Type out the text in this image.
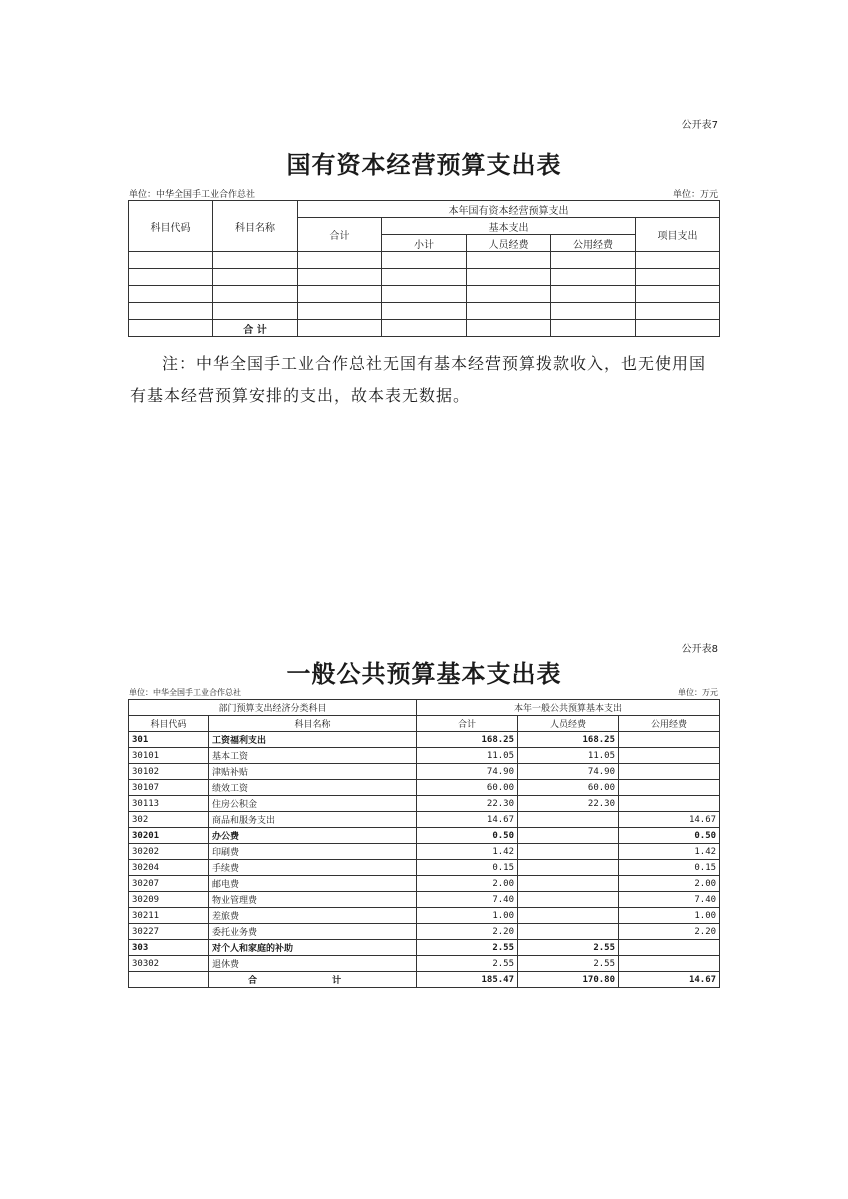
公开表7
国有资本经营预算支出表
单位：中华全国手工业合作总社	单位：万元
科目代码	科目名称	本年国有资本经营预算支出				
		合计	基本支出			项目支出
			小计	人员经费	公用经费	

	合 计					
注：中华全国手工业合作总社无国有基本经营预算拨款收入，也无使用国有基本经营预算安排的支出，故本表无数据。
公开表8
一般公共预算基本支出表
单位：中华全国手工业合作总社	单位：万元
部门预算支出经济分类科目		本年一般公共预算基本支出		
科目代码	科目名称	合计	人员经费	公用经费
301	工资福利支出	168.25	168.25	
30101	基本工资	11.05	11.05	
30102	津贴补贴	74.90	74.90	
30107	绩效工资	60.00	60.00	
30113	住房公积金	22.30	22.30	
302	商品和服务支出	14.67		14.67
30201	办公费	0.50		0.50
30202	印刷费	1.42		1.42
30204	手续费	0.15		0.15
30207	邮电费	2.00		2.00
30209	物业管理费	7.40		7.40
30211	差旅费	1.00		1.00
30227	委托业务费	2.20		2.20
303	对个人和家庭的补助	2.55	2.55	
30302	退休费	2.55	2.55	
	合 计	185.47	170.80	14.67
